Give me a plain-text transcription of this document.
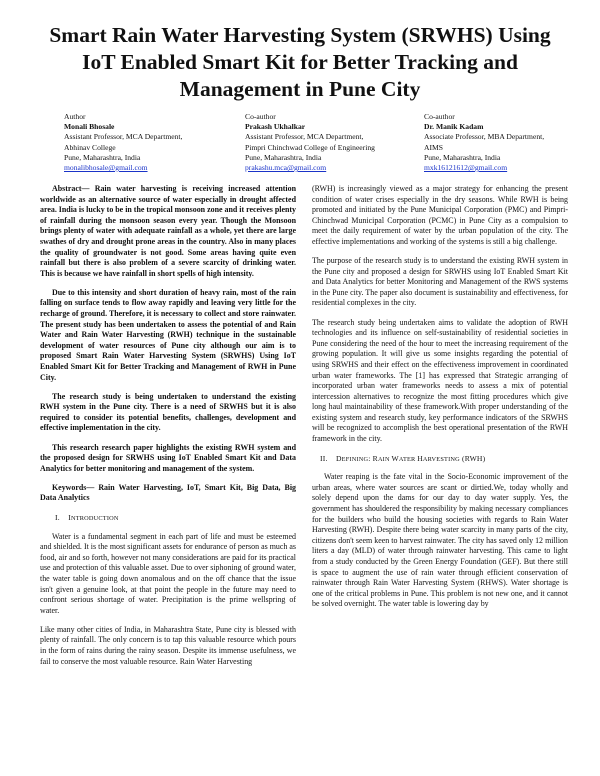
Smart Rain Water Harvesting System (SRWHS) Using IoT Enabled Smart Kit for Better Tracking and Management in Pune City
Author
Monali Bhosale
Assistant Professor, MCA Department,
Abhinav College
Pune, Maharashtra, India
monalibhosale@gmail.com
Co-author
Prakash Ukhalkar
Assistant Professor, MCA Department,
Pimpri Chinchwad College of Engineering
Pune, Maharashtra, India
prakashu.mca@gmail.com
Co-author
Dr. Manik Kadam
Associate Professor, MBA Department,
AIMS
Pune, Maharashtra, India
mxk16121612@gmail.com

Abstract— Rain water harvesting is receiving increased attention worldwide as an alternative source of water especially in drought affected area. India is lucky to be in the tropical monsoon zone and it receives plenty of rainfall during the monsoon season every year. Though the Monsoon brings plenty of water with adequate rainfall as a whole, yet there are large swathes of dry and drought prone areas in the country. Also in many places the quality of groundwater is not good. Some areas having quite even rainfall but there is also problem of a severe scarcity of drinking water. This is because we have rainfall in short spells of high intensity.

Due to this intensity and short duration of heavy rain, most of the rain falling on surface tends to flow away rapidly and leaving very little for the recharge of ground. Therefore, it is necessary to collect and store rainwater. The present study has been undertaken to assess the potential of and Rain Water and Rain Water Harvesting (RWH) technique in the sustainable development of water resources of Pune city although our aim is to proposed Smart Rain Water Harvesting System (SRWHS) Using IoT Enabled Smart Kit for Better Tracking and Management of RWH in Pune City.

The research study is being undertaken to understand the existing RWH system in the Pune city. There is a need of SRWHS but it is also required to consider its potential benefits, challenges, development and effective implementation in the city.

This research research paper highlights the existing RWH system and the proposed design for SRWHS using IoT Enabled Smart Kit and Data Analytics for better monitoring and management of the system.

Keywords— Rain Water Harvesting, IoT, Smart Kit, Big Data, Big Data Analytics

I. INTRODUCTION

Water is a fundamental segment in each part of life and must be esteemed and shielded. It is the most significant assets for endurance of person as much as food, air and so forth, however not many considerations are paid for its practical use and protection of this valuable asset. Due to over siphoning of ground water, the water table is going down anomalous and on the off chance that the issue isn't given a genuine look, at that point the people in the future may need to confront serious shortage of water. Precipitation is the prime wellspring of water.

Like many other cities of India, in Maharashtra State, Pune city is blessed with plenty of rainfall. The only concern is to tap this valuable resource which pours in the form of rains during the rainy season. Despite its immense usefulness, we fail to conserve the most valuable resource. Rain Water Harvesting

(RWH) is increasingly viewed as a major strategy for enhancing the present condition of water crises especially in the dry seasons. While RWH is being promoted and initiated by the Pune Municipal Corporation (PMC) and Pimpri-Chinchwad Municipal Corporation (PCMC) in Pune City as a compulsion to meet the daily requirement of water by the urban population of the city. The effective implementations and working of the systems is still a big challenge.

The purpose of the research study is to understand the existing RWH system in the Pune city and proposed a design for SRWHS using IoT Enabled Smart Kit and Data Analytics for better Monitoring and Management of the RWS systems in the Pune city. The paper also document is sustainability and effectiveness, for residential complexes in the city.

The research study being undertaken aims to validate the adoption of RWH technologies and its influence on self-sustainability of residential societies in Pune considering the need of the hour to meet the increasing requirement of the growing population. It will give us some insights regarding the potential of using SRWHS and their effect on the effectiveness improvement in coordinated urban water frameworks. The [1] has expressed that Strategic arranging of incorporated urban water frameworks needs to assess a mix of potential intercession alternatives to recognize the most fitting procedures which give long haul maintainability of these framework.With proper understanding of the existing system and research study, key performance indicators of the SRWHS will be recognized to accomplish the best operational presentation of the RWH framework in the city.

II. DEFINING: RAIN WATER HARVESTING (RWH)

Water reaping is the fate vital in the Socio-Economic improvement of the urban areas, where water sources are scant or dirtied.We, today wholly and solely depend upon the dams for our day to day water supply. Yes, the government has shouldered the responsibility by making necessary compliances for the builders who build the housing societies with regards to Rain Water Harvesting (RWH). Despite there being water scarcity in many parts of the city, citizens don't seem keen to harvest rainwater. The city has saved only 12 million liters a day (MLD) of water through rainwater harvesting. This came to light from a study conducted by the Green Energy Foundation (GEF). But there still is space to augment the use of rain water through efficient conservation of rainwater through Rain Water Harvesting System (RHWS). Water shortage is one of the critical problems in Pune. This problem is not new one, and it cannot be solved overnight. The water table is lowering day by
